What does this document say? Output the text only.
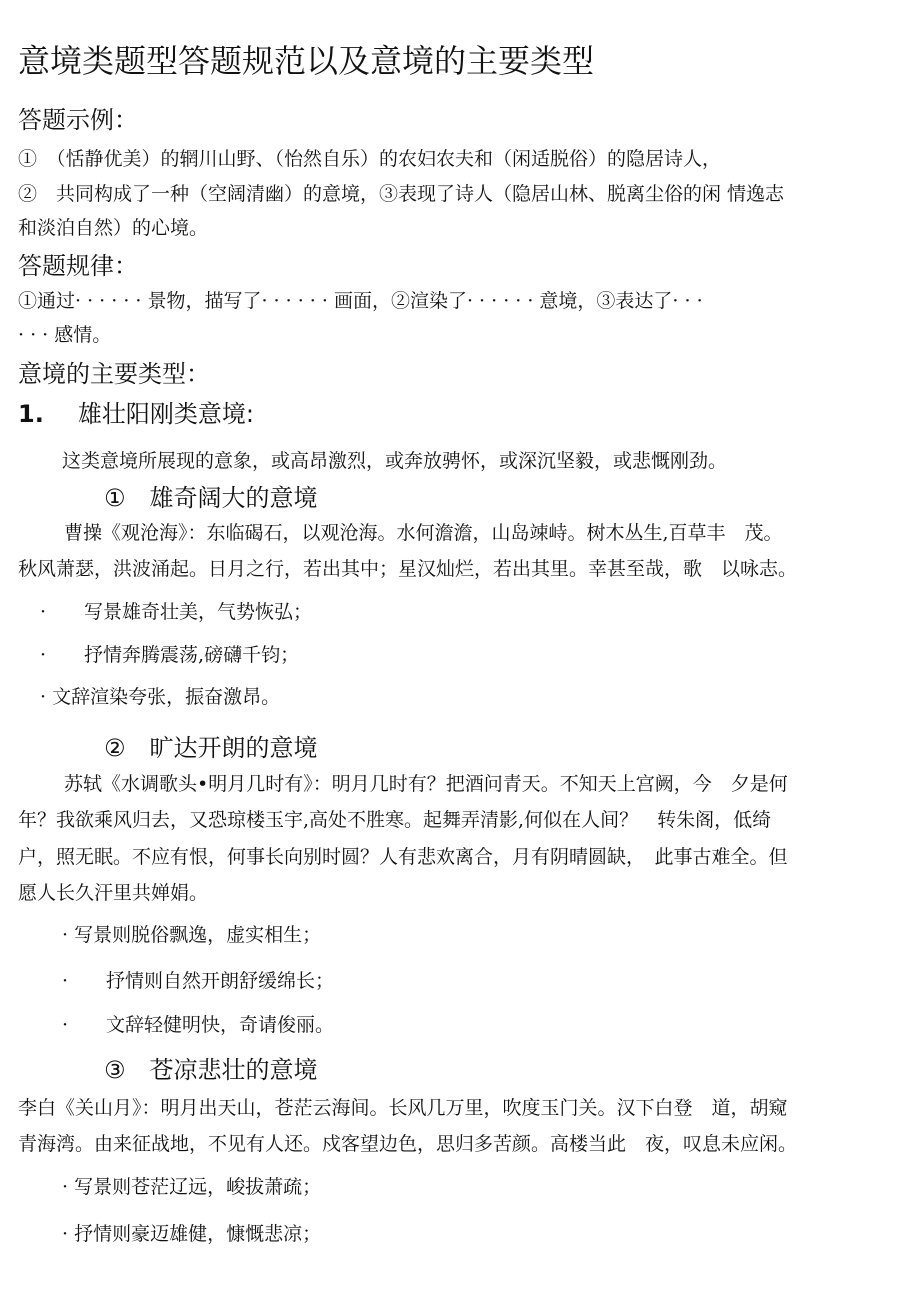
意境类题型答题规范以及意境的主要类型
答题示例：
①　（恬静优美）的辋川山野、（怡然自乐）的农妇农夫和（闲适脱俗）的隐居诗人，
②　共同构成了一种（空阔清幽）的意境，③表现了诗人（隐居山林、脱离尘俗的闲 情逸志
和淡泊自然）的心境。
答题规律：
①通过· · · · · · 景物，描写了· · · · · · 画面，②渲染了· · · · · · 意境，③表达了· · ·
· · · 感情。
意境的主要类型：
1. 雄壮阳刚类意境:
这类意境所展现的意象，或高昂激烈，或奔放骋怀，或深沉坚毅，或悲慨刚劲。
①　雄奇阔大的意境
曹操《观沧海》：东临碣石，以观沧海。水何澹澹，山岛竦峙。树木丛生,百草丰　茂。
秋风萧瑟，洪波涌起。日月之行，若出其中；星汉灿烂，若出其里。幸甚至哉，歌　以咏志。
·　　写景雄奇壮美，气势恢弘；
·　　抒情奔腾震荡,磅礴千钧；
· 文辞渲染夸张，振奋激昂。
②　旷达开朗的意境
苏轼《水调歌头•明月几时有》：明月几时有？把酒问青天。不知天上宫阙，今　夕是何
年？我欲乘风归去，又恐琼楼玉宇,高处不胜寒。起舞弄清影,何似在人间？　转朱阁，低绮
户，照无眠。不应有恨，何事长向别时圆？人有悲欢离合，月有阴晴圆缺，　此事古难全。但
愿人长久汗里共婵娟。
· 写景则脱俗飘逸，虚实相生；
·　　抒情则自然开朗舒缓绵长；
·　　文辞轻健明快，奇请俊丽。
③　苍凉悲壮的意境
李白《关山月》：明月出天山，苍茫云海间。长风几万里，吹度玉门关。汉下白登　道，胡窥
青海湾。由来征战地，不见有人还。戍客望边色，思归多苦颜。高楼当此　夜，叹息未应闲。
· 写景则苍茫辽远，峻拔萧疏；
· 抒情则豪迈雄健，慷慨悲凉；
